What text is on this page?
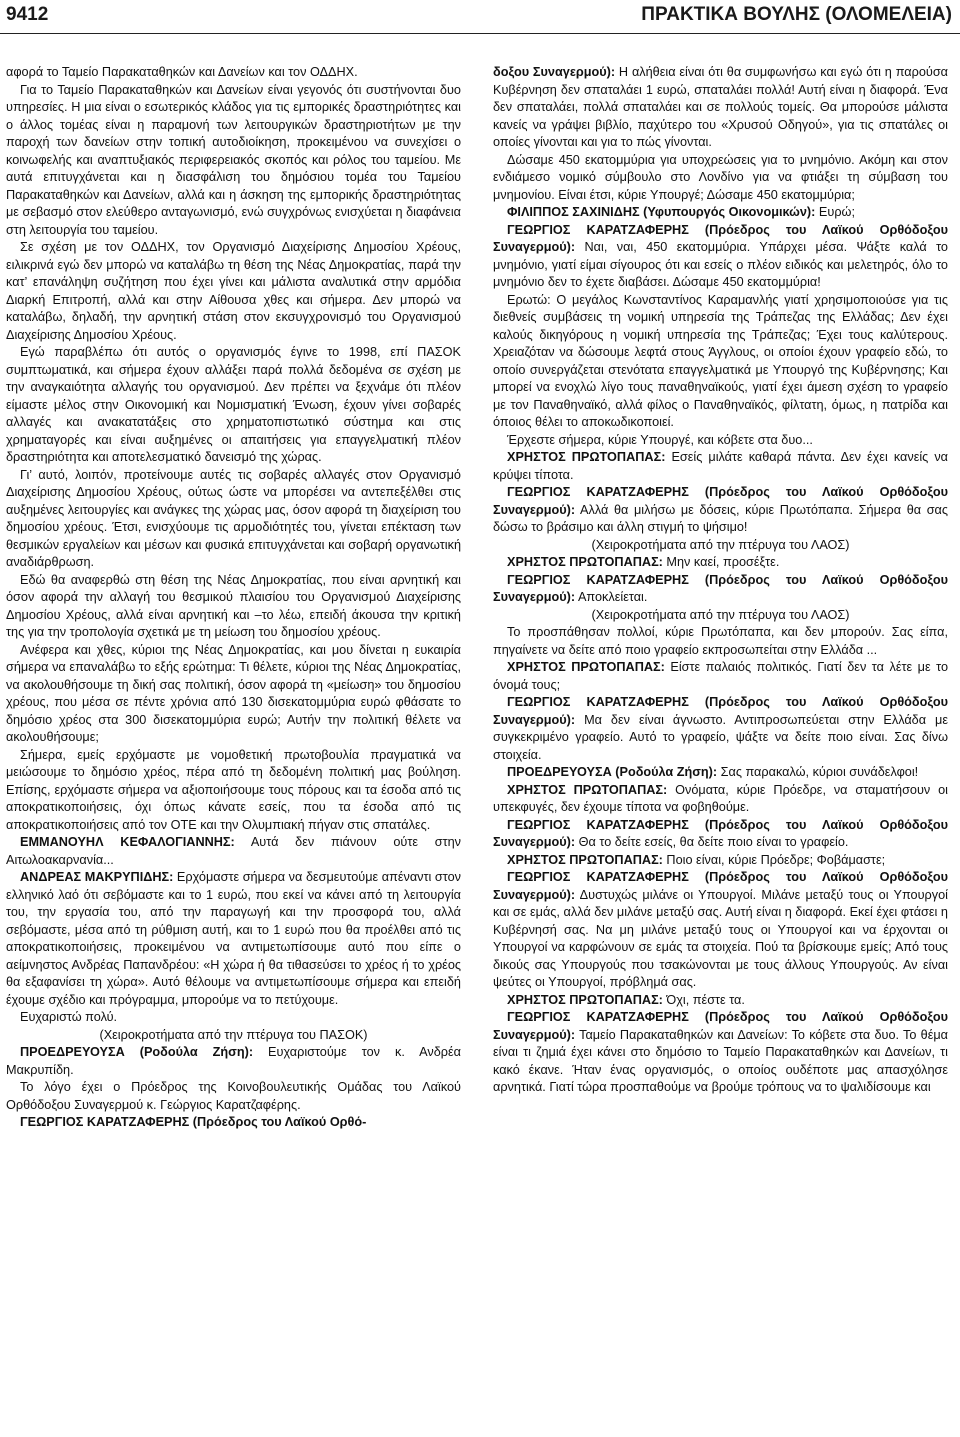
9412	ΠΡΑΚΤΙΚΑ ΒΟΥΛΗΣ (ΟΛΟΜΕΛΕΙΑ)

αφορά το Ταμείο Παρακαταθηκών και Δανείων και τον ΟΔΔΗΧ.

Για το Ταμείο Παρακαταθηκών και Δανείων είναι γεγονός ότι συστήνονται δυο υπηρεσίες. Η μια είναι ο εσωτερικός κλάδος για τις εμπορικές δραστηριότητες και ο άλλος τομέας είναι η παραμονή των λειτουργικών δραστηριοτήτων με την παροχή των δανείων στην τοπική αυτοδιοίκηση, προκειμένου να συνεχίσει ο κοινωφελής και αναπτυξιακός περιφερειακός σκοπός και ρόλος του ταμείου. Με αυτά επιτυγχάνεται και η διασφάλιση του δημόσιου τομέα του Ταμείου Παρακαταθηκών και Δανείων, αλλά και η άσκηση της εμπορικής δραστηριότητας με σεβασμό στον ελεύθερο ανταγωνισμό, ενώ συγχρόνως ενισχύεται η διαφάνεια στη λειτουργία του ταμείου.

Σε σχέση με τον ΟΔΔΗΧ, τον Οργανισμό Διαχείρισης Δημοσίου Χρέους, ειλικρινά εγώ δεν μπορώ να καταλάβω τη θέση της Νέας Δημοκρατίας, παρά την κατ’ επανάληψη συζήτηση που έχει γίνει και μάλιστα αναλυτικά στην αρμόδια Διαρκή Επιτροπή, αλλά και στην Αίθουσα χθες και σήμερα. Δεν μπορώ να καταλάβω, δηλαδή, την αρνητική στάση στον εκσυγχρονισμό του Οργανισμού Διαχείρισης Δημοσίου Χρέους.

Εγώ παραβλέπω ότι αυτός ο οργανισμός έγινε το 1998, επί ΠΑΣΟΚ συμπτωματικά, και σήμερα έχουν αλλάξει παρά πολλά δεδομένα σε σχέση με την αναγκαιότητα αλλαγής του οργανισμού. Δεν πρέπει να ξεχνάμε ότι πλέον είμαστε μέλος στην Οικονομική και Νομισματική Ένωση, έχουν γίνει σοβαρές αλλαγές και ανακατατάξεις στο χρηματοπιστωτικό σύστημα και στις χρηματαγορές και είναι αυξημένες οι απαιτήσεις για επαγγελματική πλέον δραστηριότητα και αποτελεσματικό δανεισμό της χώρας.

Γι’ αυτό, λοιπόν, προτείνουμε αυτές τις σοβαρές αλλαγές στον Οργανισμό Διαχείρισης Δημοσίου Χρέους, ούτως ώστε να μπορέσει να αντεπεξέλθει στις αυξημένες λειτουργίες και ανάγκες της χώρας μας, όσον αφορά τη διαχείριση του δημοσίου χρέους. Έτσι, ενισχύουμε τις αρμοδιότητές του, γίνεται επέκταση των θεσμικών εργαλείων και μέσων και φυσικά επιτυγχάνεται και σοβαρή οργανωτική αναδιάρθρωση.

Εδώ θα αναφερθώ στη θέση της Νέας Δημοκρατίας, που είναι αρνητική και όσον αφορά την αλλαγή του θεσμικού πλαισίου του Οργανισμού Διαχείρισης Δημοσίου Χρέους, αλλά είναι αρνητική και –το λέω, επειδή άκουσα την κριτική της για την τροπολογία σχετικά με τη μείωση του δημοσίου χρέους.

Ανέφερα και χθες, κύριοι της Νέας Δημοκρατίας, και μου δίνεται η ευκαιρία σήμερα να επαναλάβω το εξής ερώτημα: Τι θέλετε, κύριοι της Νέας Δημοκρατίας, να ακολουθήσουμε τη δική σας πολιτική, όσον αφορά τη «μείωση» του δημοσίου χρέους, που μέσα σε πέντε χρόνια από 130 δισεκατομμύρια ευρώ φθάσατε το δημόσιο χρέος στα 300 δισεκατομμύρια ευρώ; Αυτήν την πολιτική θέλετε να ακολουθήσουμε;

Σήμερα, εμείς ερχόμαστε με νομοθετική πρωτοβουλία πραγματικά να μειώσουμε το δημόσιο χρέος, πέρα από τη δεδομένη πολιτική μας βούληση. Επίσης, ερχόμαστε σήμερα να αξιοποιήσουμε τους πόρους και τα έσοδα από τις αποκρατικοποιήσεις, όχι όπως κάνατε εσείς, που τα έσοδα από τις αποκρατικοποιήσεις από τον ΟΤΕ και την Ολυμπιακή πήγαν στις σπατάλες.

ΕΜΜΑΝΟΥΗΛ ΚΕΦΑΛΟΓΙΑΝΝΗΣ: Αυτά δεν πιάνουν ούτε στην Αιτωλοακαρνανία...

ΑΝΔΡΕΑΣ ΜΑΚΡΥΠΙΔΗΣ: Ερχόμαστε σήμερα να δεσμευτούμε απέναντι στον ελληνικό λαό ότι σεβόμαστε και το 1 ευρώ, που εκεί να κάνει από τη λειτουργία του, την εργασία του, από την παραγωγή και την προσφορά του, αλλά σεβόμαστε, μέσα από τη ρύθμιση αυτή, και το 1 ευρώ που θα προέλθει από τις αποκρατικοποιήσεις, προκειμένου να αντιμετωπίσουμε αυτό που είπε ο αείμνηστος Ανδρέας Παπανδρέου: «Η χώρα ή θα τιθασεύσει το χρέος ή το χρέος θα εξαφανίσει τη χώρα». Αυτό θέλουμε να αντιμετωπίσουμε σήμερα και επειδή έχουμε σχέδιο και πρόγραμμα, μπορούμε να το πετύχουμε.

Ευχαριστώ πολύ.

(Χειροκροτήματα από την πτέρυγα του ΠΑΣΟΚ)

ΠΡΟΕΔΡΕΥΟΥΣΑ (Ροδούλα Ζήση): Ευχαριστούμε τον κ. Ανδρέα Μακρυπίδη.

Το λόγο έχει ο Πρόεδρος της Κοινοβουλευτικής Ομάδας του Λαϊκού Ορθόδοξου Συναγερμού κ. Γεώργιος Καρατζαφέρης.

ΓΕΩΡΓΙΟΣ ΚΑΡΑΤΖΑΦΕΡΗΣ (Πρόεδρος του Λαϊκού Ορθό-

δοξου Συναγερμού): Η αλήθεια είναι ότι θα συμφωνήσω και εγώ ότι η παρούσα Κυβέρνηση δεν σπαταλάει 1 ευρώ, σπαταλάει πολλά! Αυτή είναι η διαφορά. Ένα δεν σπαταλάει, πολλά σπαταλάει και σε πολλούς τομείς. Θα μπορούσε μάλιστα κανείς να γράψει βιβλίο, παχύτερο του «Χρυσού Οδηγού», για τις σπατάλες οι οποίες γίνονται και για το πώς γίνονται.

Δώσαμε 450 εκατομμύρια για υποχρεώσεις για το μνημόνιο. Ακόμη και στον ενδιάμεσο νομικό σύμβουλο στο Λονδίνο για να φτιάξει τη σύμβαση του μνημονίου. Είναι έτσι, κύριε Υπουργέ; Δώσαμε 450 εκατομμύρια;

ΦΙΛΙΠΠΟΣ ΣΑΧΙΝΙΔΗΣ (Υφυπουργός Οικονομικών): Ευρώ;

ΓΕΩΡΓΙΟΣ ΚΑΡΑΤΖΑΦΕΡΗΣ (Πρόεδρος του Λαϊκού Ορθόδοξου Συναγερμού): Ναι, ναι, 450 εκατομμύρια. Υπάρχει μέσα. Ψάξτε καλά το μνημόνιο, γιατί είμαι σίγουρος ότι και εσείς ο πλέον ειδικός και μελετηρός, όλο το μνημόνιο δεν το έχετε διαβάσει. Δώσαμε 450 εκατομμύρια!

Ερωτώ: Ο μεγάλος Κωνσταντίνος Καραμανλής γιατί χρησιμοποιούσε για τις διεθνείς συμβάσεις τη νομική υπηρεσία της Τράπεζας της Ελλάδας; Δεν έχει καλούς δικηγόρους η νομική υπηρεσία της Τράπεζας; Έχει τους καλύτερους. Χρειαζόταν να δώσουμε λεφτά στους Άγγλους, οι οποίοι έχουν γραφείο εδώ, το οποίο συνεργάζεται στενότατα επαγγελματικά με Υπουργό της Κυβέρνησης; Και μπορεί να ενοχλώ λίγο τους παναθηναϊκούς, γιατί έχει άμεση σχέση το γραφείο με τον Παναθηναϊκό, αλλά φίλος ο Παναθηναϊκός, φίλτατη, όμως, η πατρίδα και όποιος θέλει το αποκωδικοποιεί.

Έρχεστε σήμερα, κύριε Υπουργέ, και κόβετε στα δυο...

ΧΡΗΣΤΟΣ ΠΡΩΤΟΠΑΠΑΣ: Εσείς μιλάτε καθαρά πάντα. Δεν έχει κανείς να κρύψει τίποτα.

ΓΕΩΡΓΙΟΣ ΚΑΡΑΤΖΑΦΕΡΗΣ (Πρόεδρος του Λαϊκού Ορθόδοξου Συναγερμού): Αλλά θα μιλήσω με δόσεις, κύριε Πρωτόπαπα. Σήμερα θα σας δώσω το βράσιμο και άλλη στιγμή το ψήσιμο!

(Χειροκροτήματα από την πτέρυγα του ΛΑΟΣ)

ΧΡΗΣΤΟΣ ΠΡΩΤΟΠΑΠΑΣ: Μην καεί, προσέξτε.

ΓΕΩΡΓΙΟΣ ΚΑΡΑΤΖΑΦΕΡΗΣ (Πρόεδρος του Λαϊκού Ορθόδοξου Συναγερμού): Αποκλείεται.

(Χειροκροτήματα από την πτέρυγα του ΛΑΟΣ)

Το προσπάθησαν πολλοί, κύριε Πρωτόπαπα, και δεν μπορούν. Σας είπα, πηγαίνετε να δείτε από ποιο γραφείο εκπροσωπείται στην Ελλάδα ...

ΧΡΗΣΤΟΣ ΠΡΩΤΟΠΑΠΑΣ: Είστε παλαιός πολιτικός. Γιατί δεν τα λέτε με το όνομά τους;

ΓΕΩΡΓΙΟΣ ΚΑΡΑΤΖΑΦΕΡΗΣ (Πρόεδρος του Λαϊκού Ορθόδοξου Συναγερμού): Μα δεν είναι άγνωστο. Αντιπροσωπεύεται στην Ελλάδα με συγκεκριμένο γραφείο. Αυτό το γραφείο, ψάξτε να δείτε ποιο είναι. Σας δίνω στοιχεία.

ΠΡΟΕΔΡΕΥΟΥΣΑ (Ροδούλα Ζήση): Σας παρακαλώ, κύριοι συνάδελφοι!

ΧΡΗΣΤΟΣ ΠΡΩΤΟΠΑΠΑΣ: Ονόματα, κύριε Πρόεδρε, να σταματήσουν οι υπεκφυγές, δεν έχουμε τίποτα να φοβηθούμε.

ΓΕΩΡΓΙΟΣ ΚΑΡΑΤΖΑΦΕΡΗΣ (Πρόεδρος του Λαϊκού Ορθόδοξου Συναγερμού): Θα το δείτε εσείς, θα δείτε ποιο είναι το γραφείο.

ΧΡΗΣΤΟΣ ΠΡΩΤΟΠΑΠΑΣ: Ποιο είναι, κύριε Πρόεδρε; Φοβάμαστε;

ΓΕΩΡΓΙΟΣ ΚΑΡΑΤΖΑΦΕΡΗΣ (Πρόεδρος του Λαϊκού Ορθόδοξου Συναγερμού): Δυστυχώς μιλάνε οι Υπουργοί. Μιλάνε μεταξύ τους οι Υπουργοί και σε εμάς, αλλά δεν μιλάνε μεταξύ σας. Αυτή είναι η διαφορά. Εκεί έχει φτάσει η Κυβέρνησή σας. Να μη μιλάνε μεταξύ τους οι Υπουργοί και να έρχονται οι Υπουργοί να καρφώνουν σε εμάς τα στοιχεία. Πού τα βρίσκουμε εμείς; Από τους δικούς σας Υπουργούς που τσακώνονται με τους άλλους Υπουργούς. Αν είναι ψεύτες οι Υπουργοί, πρόβλημά σας.

ΧΡΗΣΤΟΣ ΠΡΩΤΟΠΑΠΑΣ: Όχι, πέστε τα.

ΓΕΩΡΓΙΟΣ ΚΑΡΑΤΖΑΦΕΡΗΣ (Πρόεδρος του Λαϊκού Ορθόδοξου Συναγερμού): Ταμείο Παρακαταθηκών και Δανείων: Το κόβετε στα δυο. Το θέμα είναι τι ζημιά έχει κάνει στο δημόσιο το Ταμείο Παρακαταθηκών και Δανείων, τι κακό έκανε. Ήταν ένας οργανισμός, ο οποίος ουδέποτε μας απασχόλησε αρνητικά. Γιατί τώρα προσπαθούμε να βρούμε τρόπους να το ψαλιδίσουμε και
